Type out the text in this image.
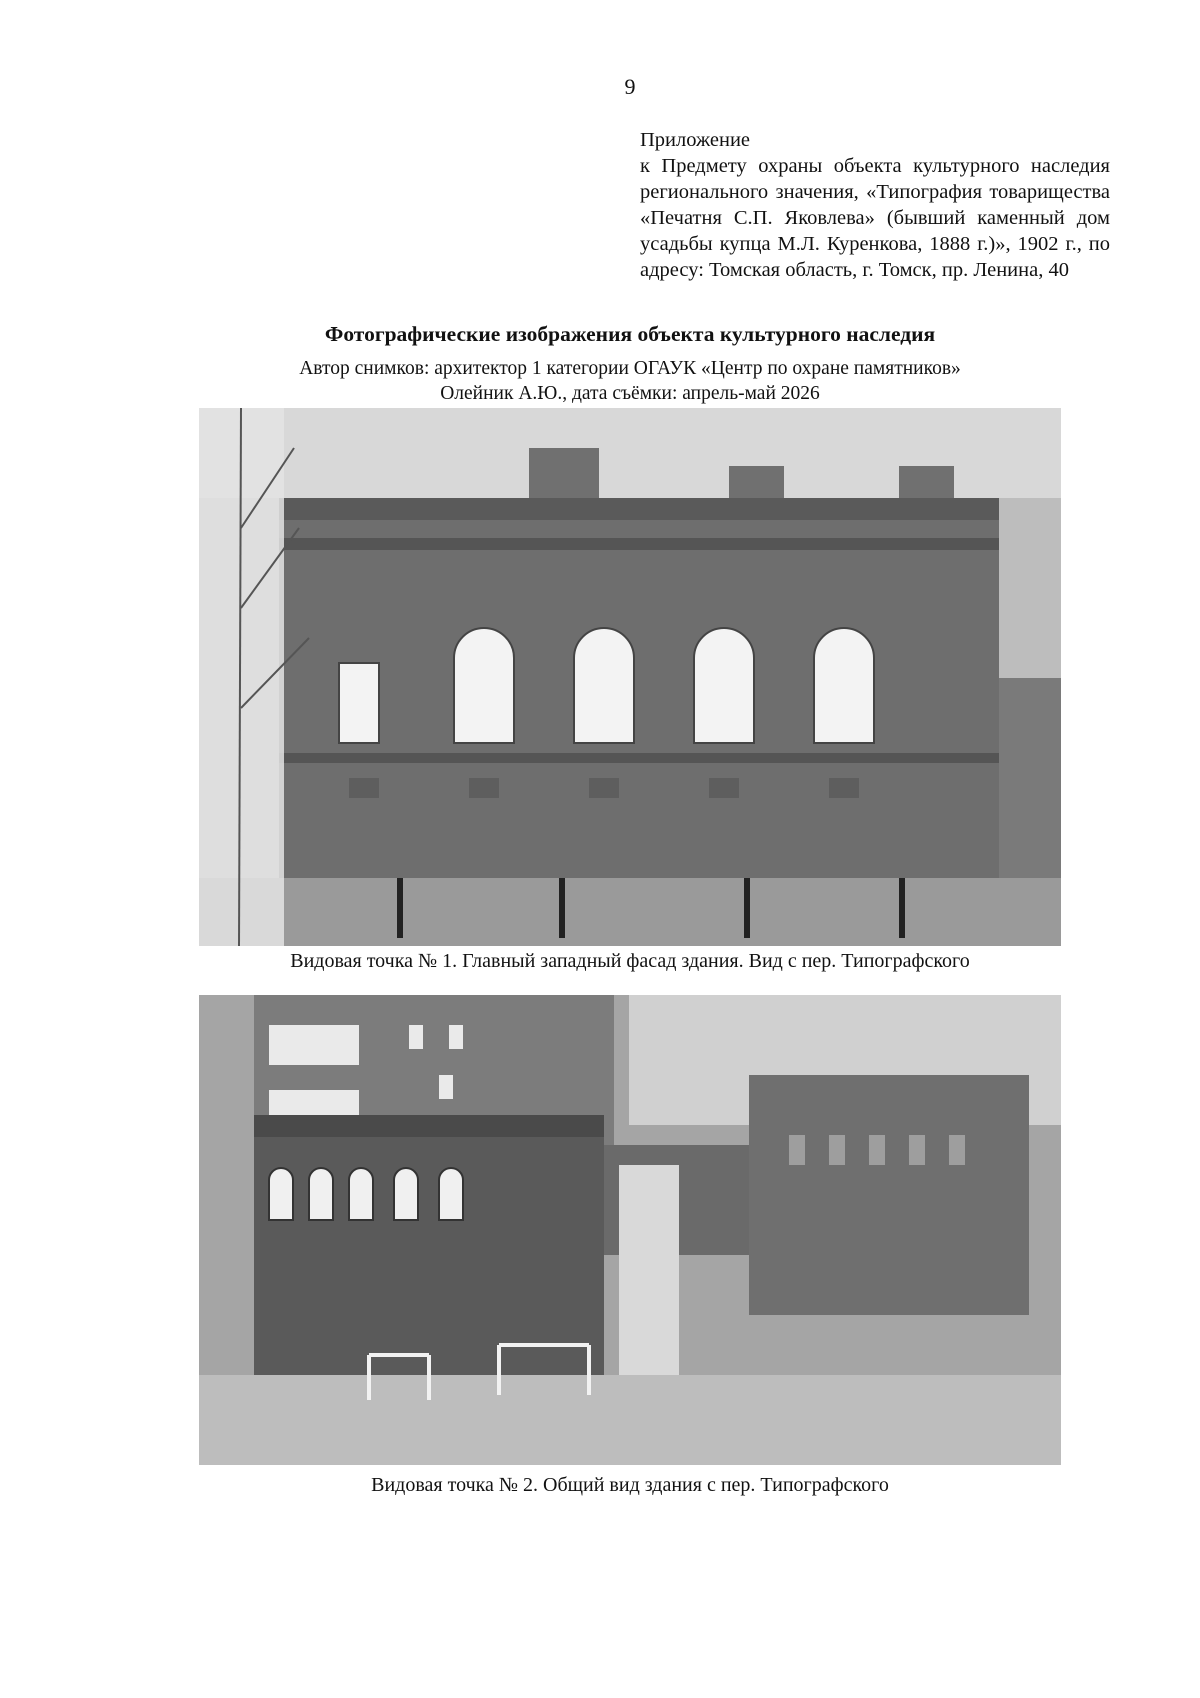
9
Приложение
к Предмету охраны объекта культурного наследия регионального значения, «Типография товарищества «Печатня С.П. Яковлева» (бывший каменный дом усадьбы купца М.Л. Куренкова, 1888 г.)», 1902 г., по адресу: Томская область, г. Томск, пр. Ленина, 40
Фотографические изображения объекта культурного наследия
Автор снимков: архитектор 1 категории ОГАУК «Центр по охране памятников»
Олейник А.Ю., дата съёмки: апрель-май 2026
Видовая точка № 1. Главный западный фасад здания. Вид с пер. Типографского
Видовая точка № 2. Общий вид здания с пер. Типографского
